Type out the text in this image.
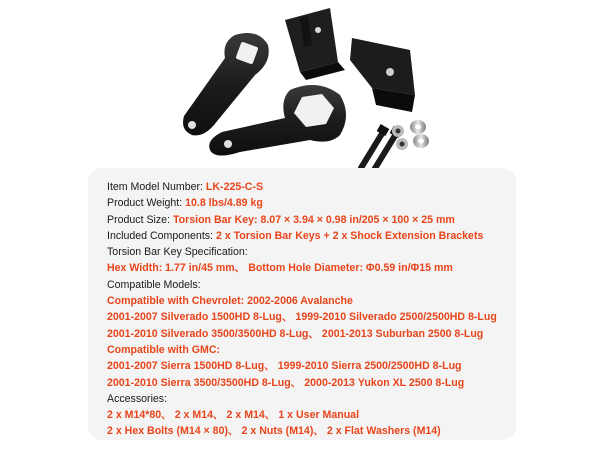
Item Model Number: LK-225-C-S
Product Weight: 10.8 lbs/4.89 kg
Product Size: Torsion Bar Key: 8.07 × 3.94 × 0.98 in/205 × 100 × 25 mm
Included Components: 2 x Torsion Bar Keys + 2 x Shock Extension Brackets
Torsion Bar Key Specification:
Hex Width: 1.77 in/45 mm、 Bottom Hole Diameter: Φ0.59 in/Φ15 mm
Compatible Models:
Compatible with Chevrolet: 2002-2006 Avalanche
2001-2007 Silverado 1500HD 8-Lug、 1999-2010 Silverado 2500/2500HD 8-Lug
2001-2010 Silverado 3500/3500HD 8-Lug、 2001-2013 Suburban 2500 8-Lug
Compatible with GMC:
2001-2007 Sierra 1500HD 8-Lug、 1999-2010 Sierra 2500/2500HD 8-Lug
2001-2010 Sierra 3500/3500HD 8-Lug、 2000-2013 Yukon XL 2500 8-Lug
Accessories:
2 x M14*80、 2 x M14、 2 x M14、 1 x User Manual
2 x Hex Bolts (M14 × 80)、 2 x Nuts (M14)、 2 x Flat Washers (M14)
